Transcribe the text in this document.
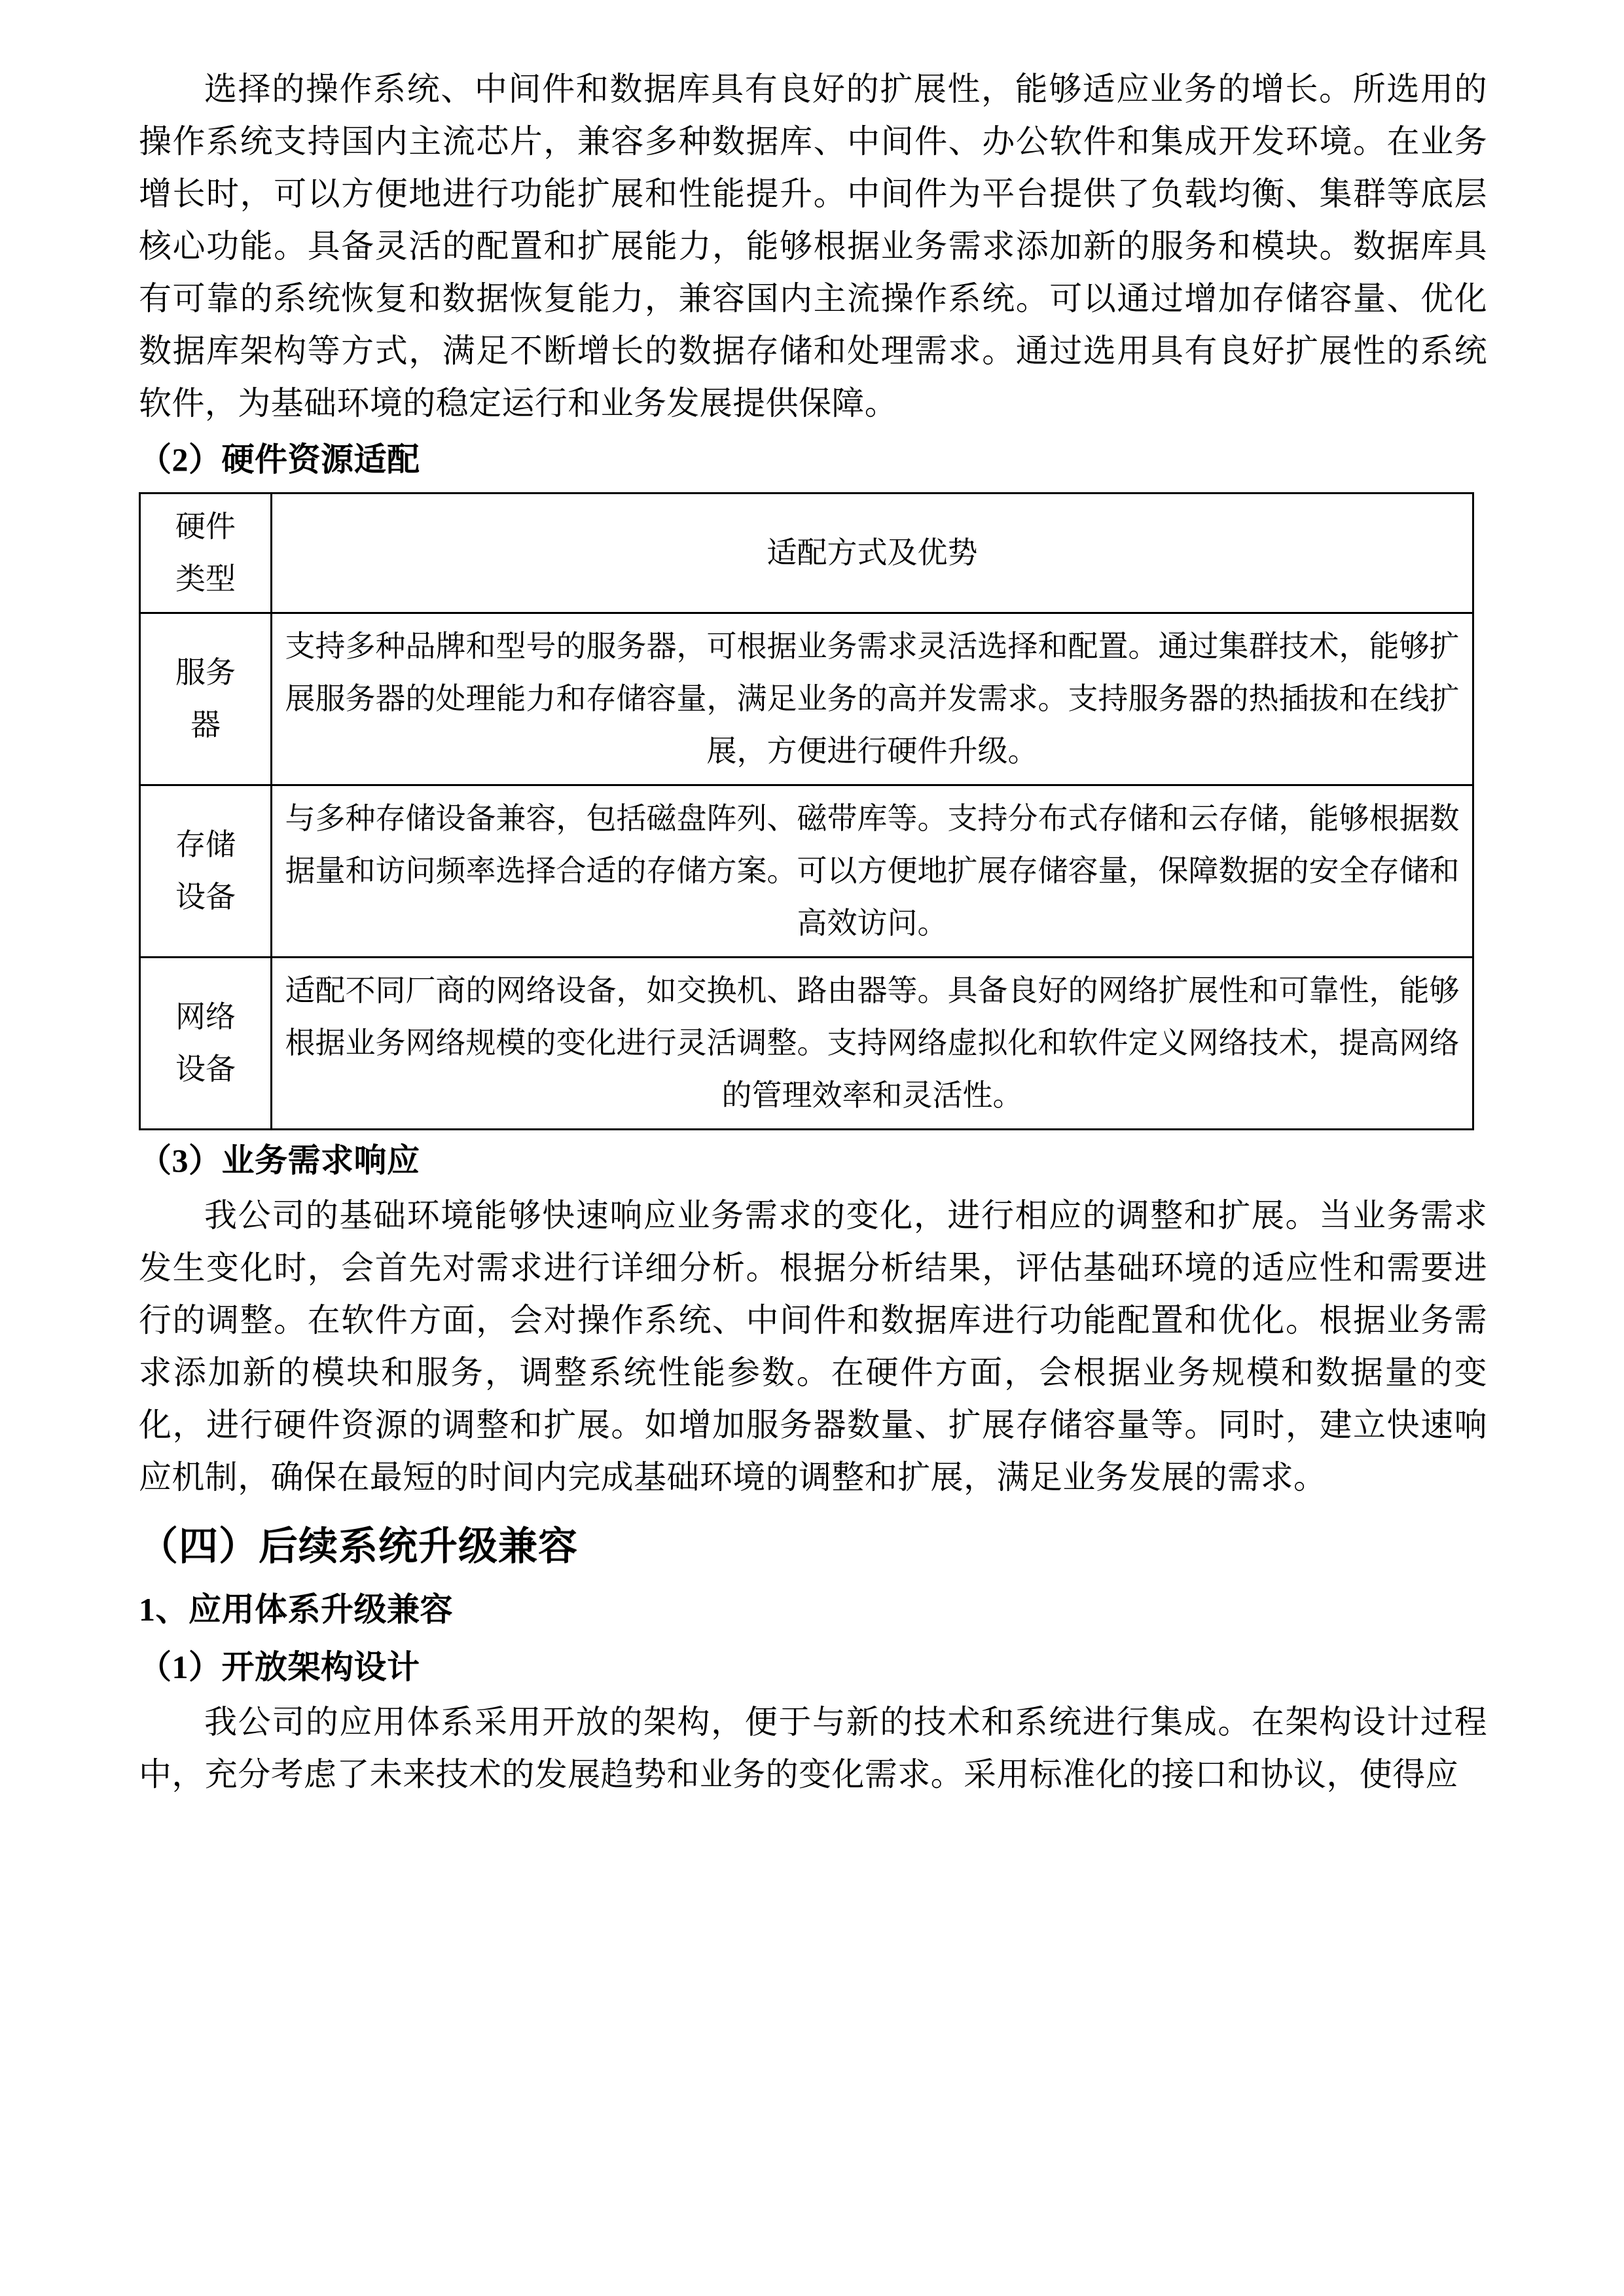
选择的操作系统、中间件和数据库具有良好的扩展性，能够适应业务的增长。所选用的操作系统支持国内主流芯片，兼容多种数据库、中间件、办公软件和集成开发环境。在业务增长时，可以方便地进行功能扩展和性能提升。中间件为平台提供了负载均衡、集群等底层核心功能。具备灵活的配置和扩展能力，能够根据业务需求添加新的服务和模块。数据库具有可靠的系统恢复和数据恢复能力，兼容国内主流操作系统。可以通过增加存储容量、优化数据库架构等方式，满足不断增长的数据存储和处理需求。通过选用具有良好扩展性的系统软件，为基础环境的稳定运行和业务发展提供保障。

（2）硬件资源适配
硬件
类型	适配方式及优势

服务
器	支持多种品牌和型号的服务器，可根据业务需求灵活选择和配置。通过集群技术，能够扩展服务器的处理能力和存储容量，满足业务的高并发需求。支持服务器的热插拔和在线扩展，方便进行硬件升级。

存储
设备	与多种存储设备兼容，包括磁盘阵列、磁带库等。支持分布式存储和云存储，能够根据数据量和访问频率选择合适的存储方案。可以方便地扩展存储容量，保障数据的安全存储和高效访问。

网络
设备	适配不同厂商的网络设备，如交换机、路由器等。具备良好的网络扩展性和可靠性，能够根据业务网络规模的变化进行灵活调整。支持网络虚拟化和软件定义网络技术，提高网络的管理效率和灵活性。
（3）业务需求响应

我公司的基础环境能够快速响应业务需求的变化，进行相应的调整和扩展。当业务需求发生变化时，会首先对需求进行详细分析。根据分析结果，评估基础环境的适应性和需要进行的调整。在软件方面，会对操作系统、中间件和数据库进行功能配置和优化。根据业务需求添加新的模块和服务，调整系统性能参数。在硬件方面，会根据业务规模和数据量的变化，进行硬件资源的调整和扩展。如增加服务器数量、扩展存储容量等。同时，建立快速响应机制，确保在最短的时间内完成基础环境的调整和扩展，满足业务发展的需求。

（四）后续系统升级兼容
1、应用体系升级兼容
（1）开放架构设计

我公司的应用体系采用开放的架构，便于与新的技术和系统进行集成。在架构设计过程中，充分考虑了未来技术的发展趋势和业务的变化需求。采用标准化的接口和协议，使得应
